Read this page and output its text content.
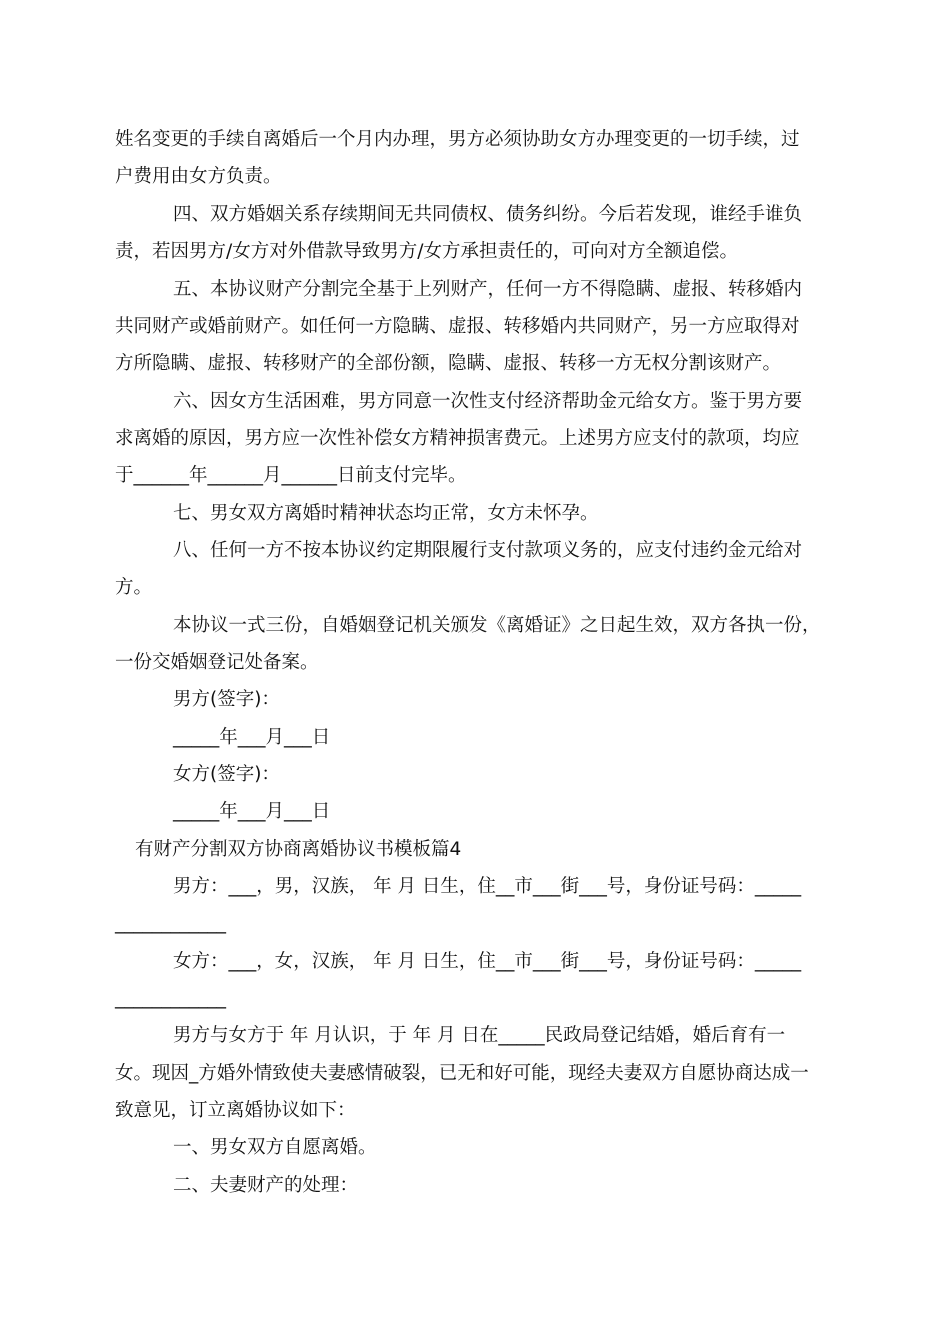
姓名变更的手续自离婚后一个月内办理，男方必须协助女方办理变更的一切手续，过

户费用由女方负责。

四、双方婚姻关系存续期间无共同债权、债务纠纷。今后若发现，谁经手谁负

责，若因男方/女方对外借款导致男方/女方承担责任的，可向对方全额追偿。

五、本协议财产分割完全基于上列财产，任何一方不得隐瞒、虚报、转移婚内

共同财产或婚前财产。如任何一方隐瞒、虚报、转移婚内共同财产，另一方应取得对

方所隐瞒、虚报、转移财产的全部份额，隐瞒、虚报、转移一方无权分割该财产。

六、因女方生活困难，男方同意一次性支付经济帮助金元给女方。鉴于男方要

求离婚的原因，男方应一次性补偿女方精神损害费元。上述男方应支付的款项，均应

于______年______月______日前支付完毕。

七、男女双方离婚时精神状态均正常，女方未怀孕。

八、任何一方不按本协议约定期限履行支付款项义务的，应支付违约金元给对

方。

本协议一式三份，自婚姻登记机关颁发《离婚证》之日起生效，双方各执一份，

一份交婚姻登记处备案。

男方(签字)：

_____年___月___日

女方(签字)：

_____年___月___日

有财产分割双方协商离婚协议书模板篇4

男方：___，男，汉族， 年 月 日生，住__市___街___号，身份证号码：_____

____________

女方：___，女，汉族， 年 月 日生，住__市___街___号，身份证号码：_____

____________

男方与女方于 年 月认识，于 年 月 日在_____民政局登记结婚，婚后育有一

女。现因_方婚外情致使夫妻感情破裂，已无和好可能，现经夫妻双方自愿协商达成一

致意见，订立离婚协议如下：

一、男女双方自愿离婚。

二、夫妻财产的处理：
